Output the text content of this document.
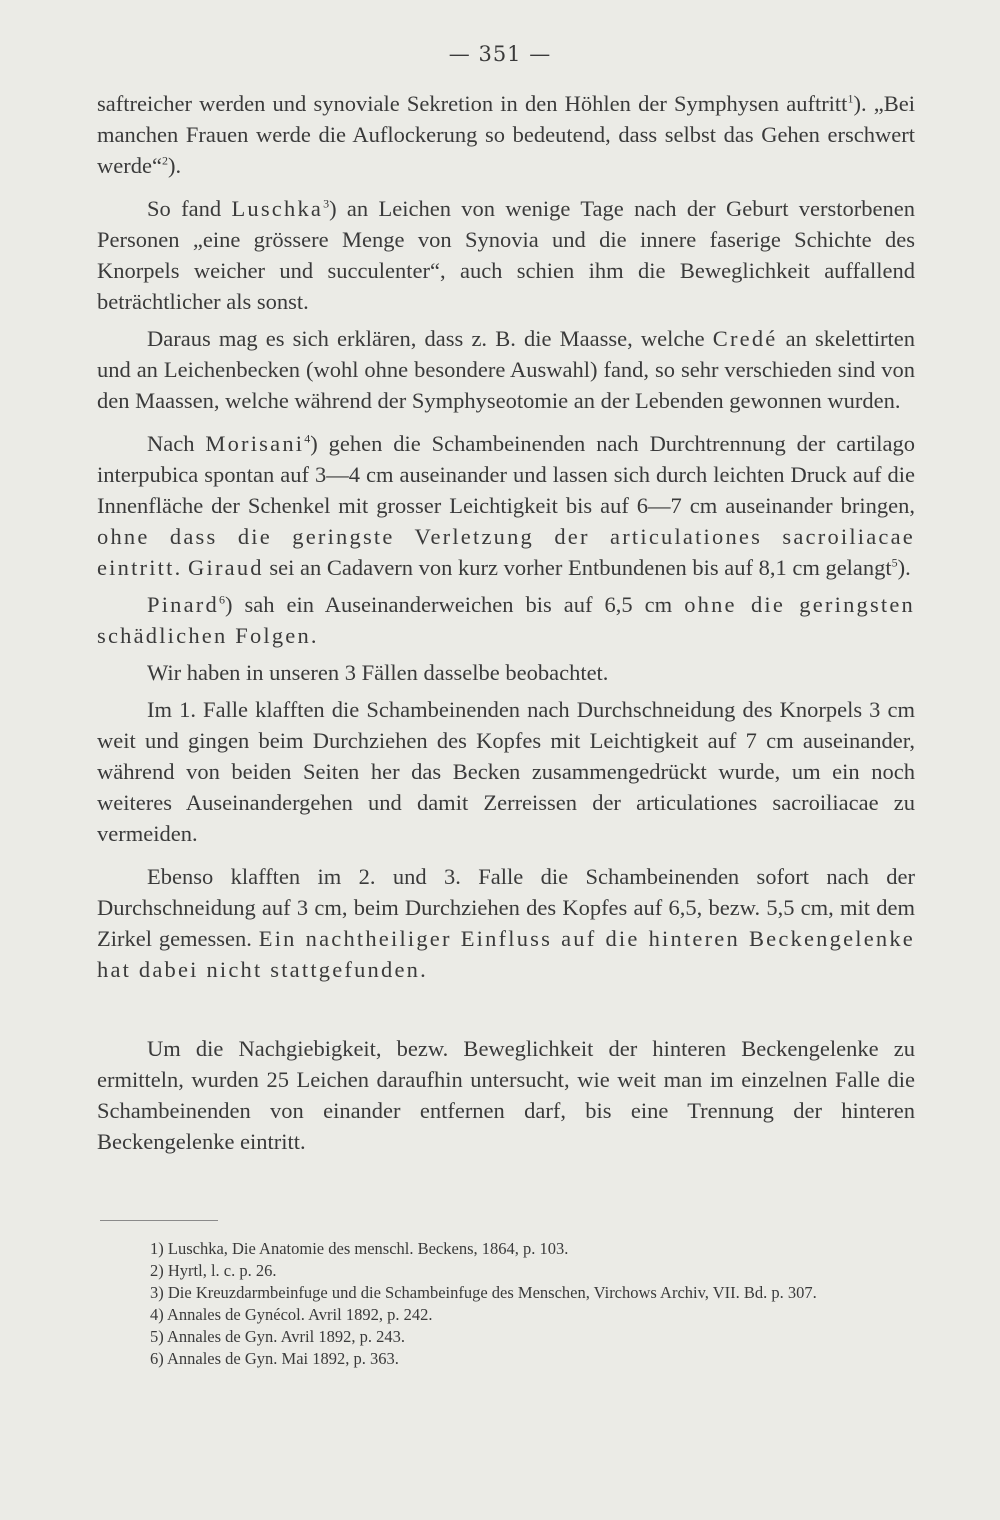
— 351 —

saftreicher werden und synoviale Sekretion in den Höhlen der Symphysen auftritt$^1$). „Bei manchen Frauen werde die Auflockerung so bedeutend, dass selbst das Gehen erschwert werde“$^2$).

So fand Luschka$^3$) an Leichen von wenige Tage nach der Geburt verstorbenen Personen „eine grössere Menge von Synovia und die innere faserige Schichte des Knorpels weicher und succulenter“, auch schien ihm die Beweglichkeit auffallend beträchtlicher als sonst.

Daraus mag es sich erklären, dass z. B. die Maasse, welche Credé an skelettirten und an Leichenbecken (wohl ohne besondere Auswahl) fand, so sehr verschieden sind von den Maassen, welche während der Symphyseotomie an der Lebenden gewonnen wurden.

Nach Morisani$^4$) gehen die Schambeinenden nach Durchtrennung der cartilago interpubica spontan auf 3—4 cm auseinander und lassen sich durch leichten Druck auf die Innenfläche der Schenkel mit grosser Leichtigkeit bis auf 6—7 cm auseinander bringen, ohne dass die geringste Verletzung der articulationes sacroiliacae eintritt. Giraud sei an Cadavern von kurz vorher Entbundenen bis auf 8,1 cm gelangt$^5$).

Pinard$^6$) sah ein Auseinanderweichen bis auf 6,5 cm ohne die geringsten schädlichen Folgen.

Wir haben in unseren 3 Fällen dasselbe beobachtet.

Im 1. Falle klafften die Schambeinenden nach Durchschneidung des Knorpels 3 cm weit und gingen beim Durchziehen des Kopfes mit Leichtigkeit auf 7 cm auseinander, während von beiden Seiten her das Becken zusammengedrückt wurde, um ein noch weiteres Auseinandergehen und damit Zerreissen der articulationes sacroiliacae zu vermeiden.

Ebenso klafften im 2. und 3. Falle die Schambeinenden sofort nach der Durchschneidung auf 3 cm, beim Durchziehen des Kopfes auf 6,5, bezw. 5,5 cm, mit dem Zirkel gemessen. Ein nachtheiliger Einfluss auf die hinteren Beckengelenke hat dabei nicht stattgefunden.

Um die Nachgiebigkeit, bezw. Beweglichkeit der hinteren Beckengelenke zu ermitteln, wurden 25 Leichen daraufhin untersucht, wie weit man im einzelnen Falle die Schambeinenden von einander entfernen darf, bis eine Trennung der hinteren Beckengelenke eintritt.

1) Luschka, Die Anatomie des menschl. Beckens, 1864, p. 103.

2) Hyrtl, l. c. p. 26.

3) Die Kreuzdarmbeinfuge und die Schambeinfuge des Menschen, Virchows Archiv, VII. Bd. p. 307.

4) Annales de Gynécol. Avril 1892, p. 242.

5) Annales de Gyn. Avril 1892, p. 243.

6) Annales de Gyn. Mai 1892, p. 363.
